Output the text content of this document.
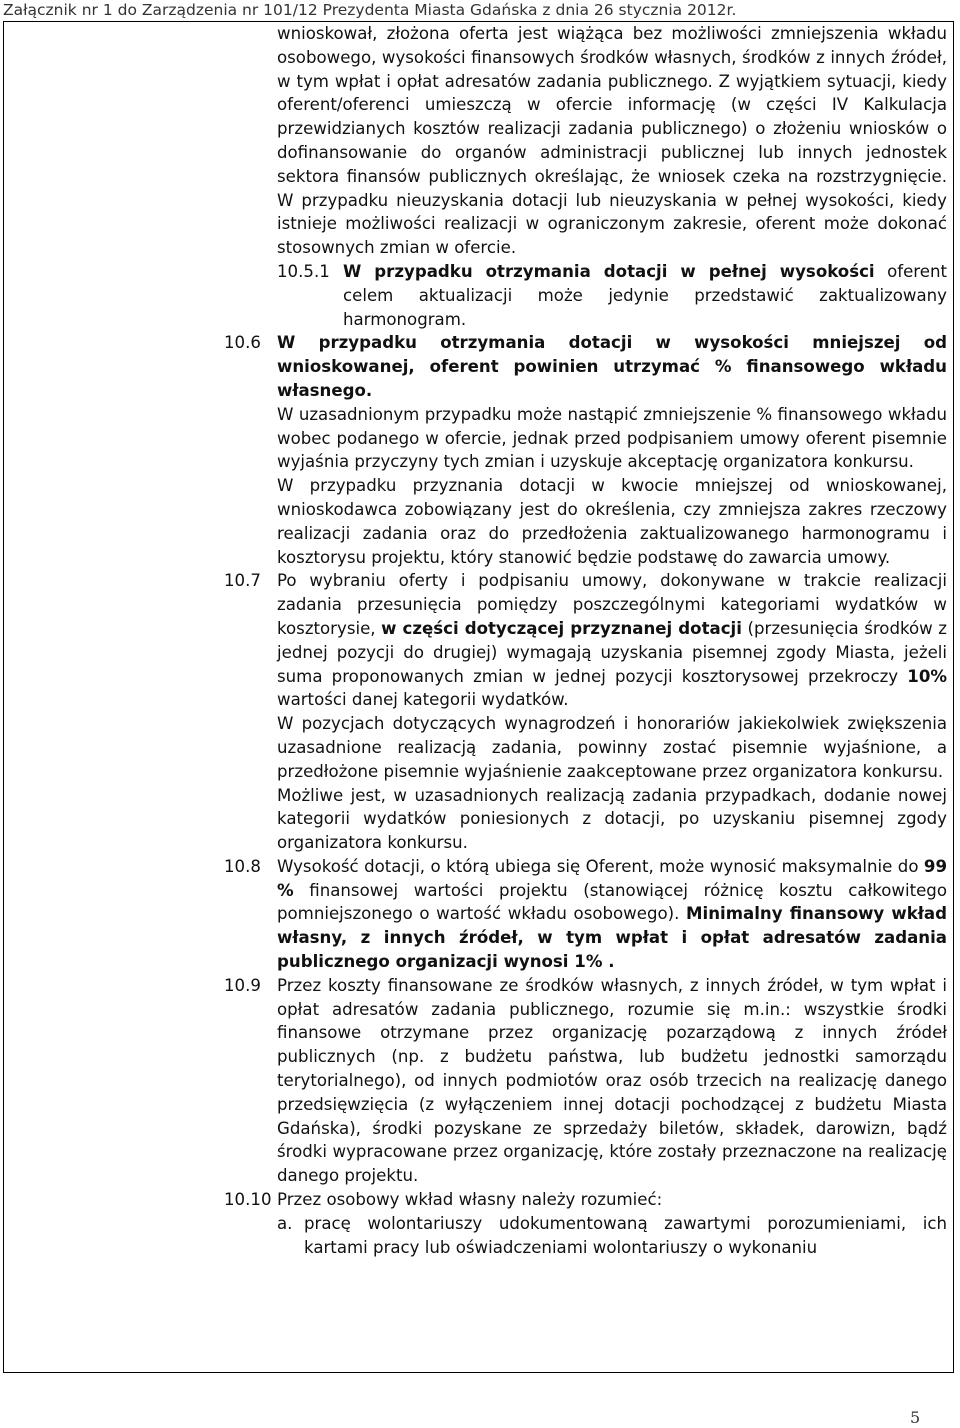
Załącznik nr 1 do Zarządzenia nr 101/12 Prezydenta Miasta Gdańska z dnia 26 stycznia 2012r.
wnioskował, złożona oferta jest wiążąca bez możliwości zmniejszenia wkładu osobowego, wysokości finansowych środków własnych, środków z innych źródeł, w tym wpłat i opłat adresatów zadania publicznego. Z wyjątkiem sytuacji, kiedy oferent/oferenci umieszczą w ofercie informację (w części IV Kalkulacja przewidzianych kosztów realizacji zadania publicznego) o złożeniu wniosków o dofinansowanie do organów administracji publicznej lub innych jednostek sektora finansów publicznych określając, że wniosek czeka na rozstrzygnięcie. W przypadku nieuzyskania dotacji lub nieuzyskania w pełnej wysokości, kiedy istnieje możliwości realizacji w ograniczonym zakresie, oferent może dokonać stosownych zmian w ofercie.
10.5.1 W przypadku otrzymania dotacji w pełnej wysokości oferent celem aktualizacji może jedynie przedstawić zaktualizowany harmonogram.
10.6 W przypadku otrzymania dotacji w wysokości mniejszej od wnioskowanej, oferent powinien utrzymać % finansowego wkładu własnego.
W uzasadnionym przypadku może nastąpić zmniejszenie % finansowego wkładu wobec podanego w ofercie, jednak przed podpisaniem umowy oferent pisemnie wyjaśnia przyczyny tych zmian i uzyskuje akceptację organizatora konkursu.
W przypadku przyznania dotacji w kwocie mniejszej od wnioskowanej, wnioskodawca zobowiązany jest do określenia, czy zmniejsza zakres rzeczowy realizacji zadania oraz do przedłożenia zaktualizowanego harmonogramu i kosztorysu projektu, który stanowić będzie podstawę do zawarcia umowy.
10.7 Po wybraniu oferty i podpisaniu umowy, dokonywane w trakcie realizacji zadania przesunięcia pomiędzy poszczególnymi kategoriami wydatków w kosztorysie, w części dotyczącej przyznanej dotacji (przesunięcia środków z jednej pozycji do drugiej) wymagają uzyskania pisemnej zgody Miasta, jeżeli suma proponowanych zmian w jednej pozycji kosztorysowej przekroczy 10% wartości danej kategorii wydatków.
W pozycjach dotyczących wynagrodzeń i honorariów jakiekolwiek zwiększenia uzasadnione realizacją zadania, powinny zostać pisemnie wyjaśnione, a przedłożone pisemnie wyjaśnienie zaakceptowane przez organizatora konkursu.
Możliwe jest, w uzasadnionych realizacją zadania przypadkach, dodanie nowej kategorii wydatków poniesionych z dotacji, po uzyskaniu pisemnej zgody organizatora konkursu.
10.8 Wysokość dotacji, o którą ubiega się Oferent, może wynosić maksymalnie do 99 % finansowej wartości projektu (stanowiącej różnicę kosztu całkowitego pomniejszonego o wartość wkładu osobowego). Minimalny finansowy wkład własny, z innych źródeł, w tym wpłat i opłat adresatów zadania publicznego organizacji wynosi 1% .
10.9 Przez koszty finansowane ze środków własnych, z innych źródeł, w tym wpłat i opłat adresatów zadania publicznego, rozumie się m.in.: wszystkie środki finansowe otrzymane przez organizację pozarządową z innych źródeł publicznych (np. z budżetu państwa, lub budżetu jednostki samorządu terytorialnego), od innych podmiotów oraz osób trzecich na realizację danego przedsięwzięcia (z wyłączeniem innej dotacji pochodzącej z budżetu Miasta Gdańska), środki pozyskane ze sprzedaży biletów, składek, darowizn, bądź środki wypracowane przez organizację, które zostały przeznaczone na realizację danego projektu.
10.10 Przez osobowy wkład własny należy rozumieć:
a. pracę wolontariuszy udokumentowaną zawartymi porozumieniami, ich kartami pracy lub oświadczeniami wolontariuszy o wykonaniu
5
